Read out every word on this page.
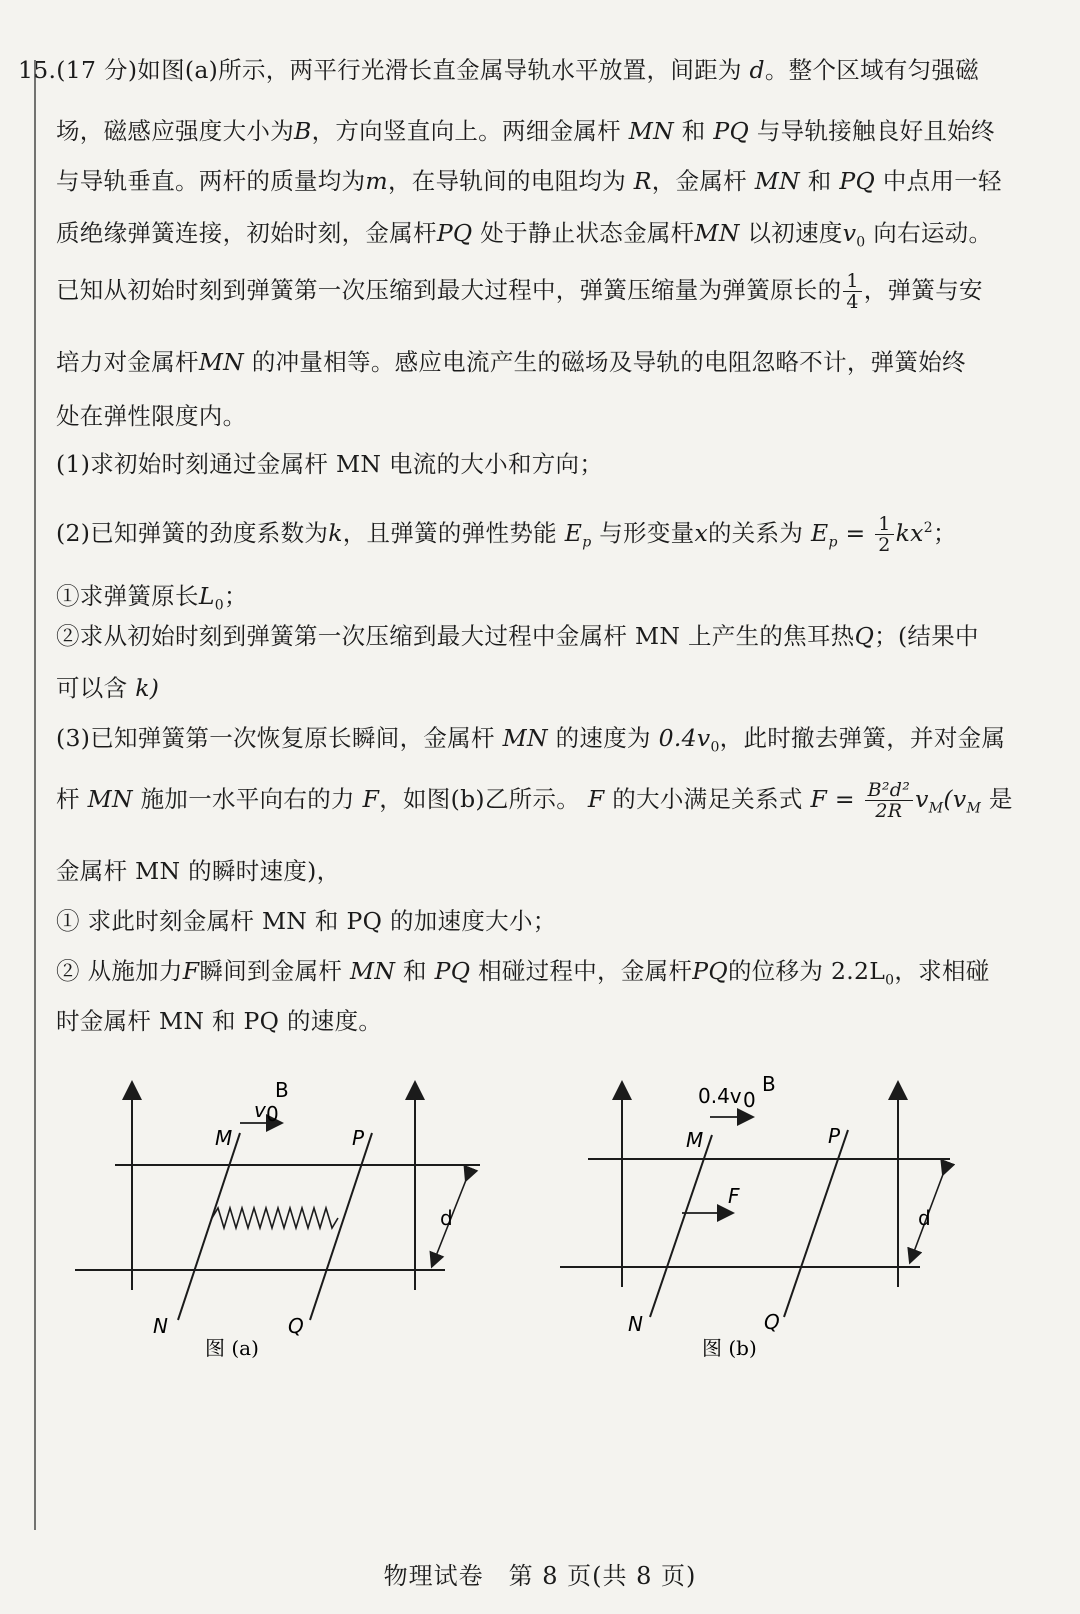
15.(17 分)如图(a)所示，两平行光滑长直金属导轨水平放置，间距为 d。整个区域有匀强磁
场，磁感应强度大小为B，方向竖直向上。两细金属杆 MN 和 PQ 与导轨接触良好且始终
与导轨垂直。两杆的质量均为m，在导轨间的电阻均为 R，金属杆 MN 和 PQ 中点用一轻
质绝缘弹簧连接，初始时刻，金属杆PQ 处于静止状态金属杆MN 以初速度$v_0$ 向右运动。
已知从初始时刻到弹簧第一次压缩到最大过程中，弹簧压缩量为弹簧原长的 $\frac{1}{4}$ ，弹簧与安
培力对金属杆MN 的冲量相等。感应电流产生的磁场及导轨的电阻忽略不计，弹簧始终
处在弹性限度内。
(1)求初始时刻通过金属杆 MN 电流的大小和方向；
(2)已知弹簧的劲度系数为k，且弹簧的弹性势能 $E_p$ 与形变量x的关系为 $E_p = \frac{1}{2} kx^2$；
①求弹簧原长$L_0$；
②求从初始时刻到弹簧第一次压缩到最大过程中金属杆 MN 上产生的焦耳热Q；(结果中
可以含 k)
(3)已知弹簧第一次恢复原长瞬间，金属杆 MN 的速度为 $0.4v_0$，此时撤去弹簧，并对金属
杆 MN 施加一水平向右的力 F，如图(b)乙所示。 F 的大小满足关系式 $F = \frac{\text{B²d²}}{2R} v_M(v_M$ 是
金属杆 MN 的瞬时速度)，
① 求此时刻金属杆 MN 和 PQ 的加速度大小；
② 从施加力F瞬间到金属杆 MN 和 PQ 相碰过程中，金属杆PQ的位移为 $2.2L_0$，求相碰
时金属杆 MN 和 PQ 的速度。
B
v 0
M	P
N	Q
d
图 (a)
B
0.4v 0
M	P
F
N	Q
d
图 (b)
物理试卷　第 8 页(共 8 页)
